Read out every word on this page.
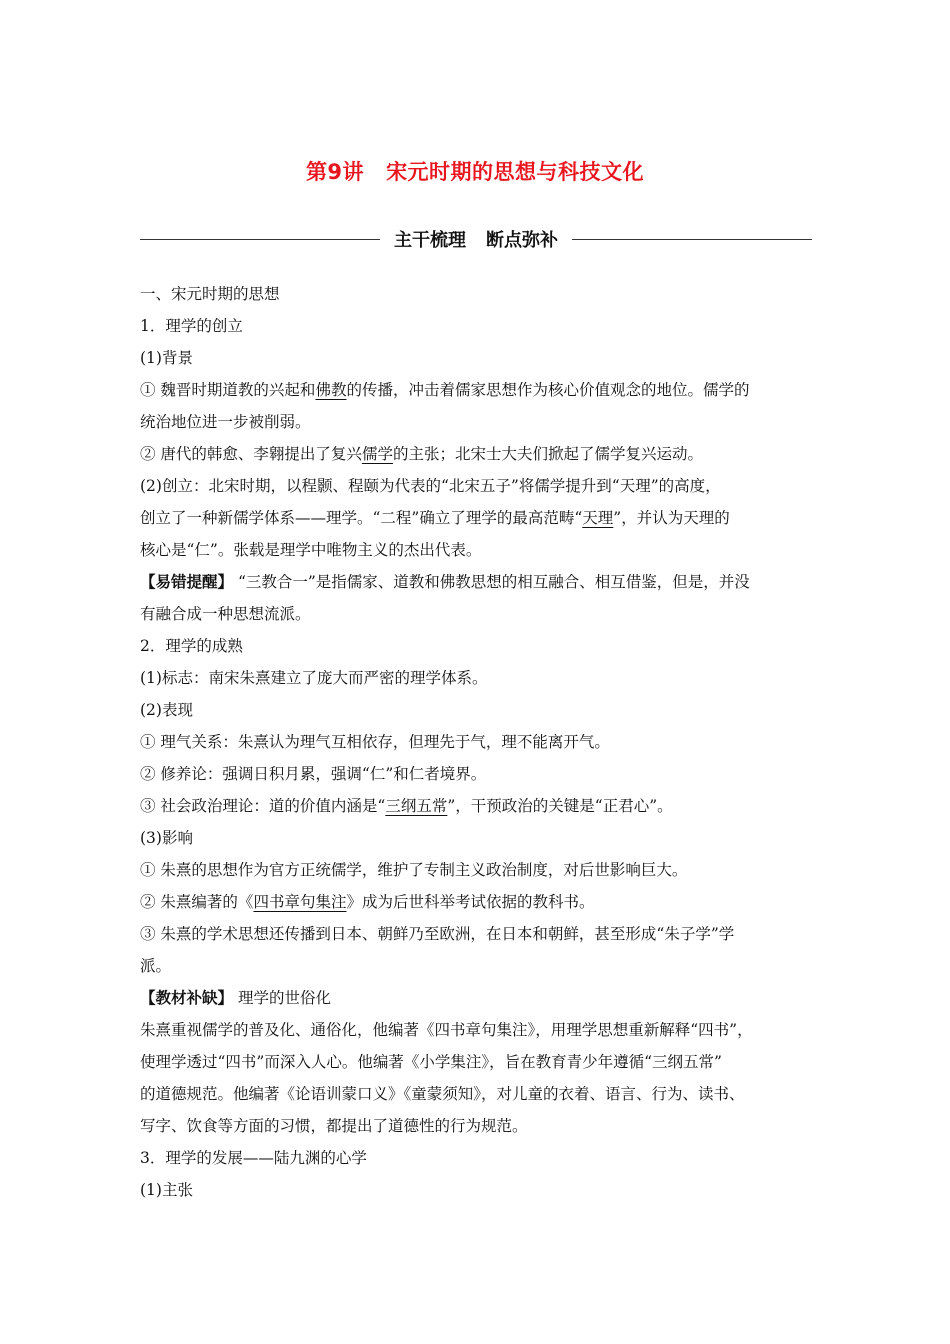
第9讲 宋元时期的思想与科技文化
主干梳理 断点弥补
一、宋元时期的思想
1．理学的创立
(1)背景
① 魏晋时期道教的兴起和佛教的传播，冲击着儒家思想作为核心价值观念的地位。儒学的
统治地位进一步被削弱。
② 唐代的韩愈、李翱提出了复兴儒学的主张；北宋士大夫们掀起了儒学复兴运动。
(2)创立：北宋时期，以程颢、程颐为代表的“北宋五子”将儒学提升到“天理”的高度，
创立了一种新儒学体系——理学。“二程”确立了理学的最高范畴“天理”，并认为天理的
核心是“仁”。张载是理学中唯物主义的杰出代表。
【易错提醒】 “三教合一”是指儒家、道教和佛教思想的相互融合、相互借鉴，但是，并没
有融合成一种思想流派。
2．理学的成熟
(1)标志：南宋朱熹建立了庞大而严密的理学体系。
(2)表现
① 理气关系：朱熹认为理气互相依存，但理先于气，理不能离开气。
② 修养论：强调日积月累，强调“仁”和仁者境界。
③ 社会政治理论：道的价值内涵是“三纲五常”，干预政治的关键是“正君心”。
(3)影响
① 朱熹的思想作为官方正统儒学，维护了专制主义政治制度，对后世影响巨大。
② 朱熹编著的《四书章句集注》成为后世科举考试依据的教科书。
③ 朱熹的学术思想还传播到日本、朝鲜乃至欧洲，在日本和朝鲜，甚至形成“朱子学”学
派。
【教材补缺】 理学的世俗化
朱熹重视儒学的普及化、通俗化，他编著《四书章句集注》，用理学思想重新解释“四书”，
使理学透过“四书”而深入人心。他编著《小学集注》，旨在教育青少年遵循“三纲五常”
的道德规范。他编著《论语训蒙口义》《童蒙须知》，对儿童的衣着、语言、行为、读书、
写字、饮食等方面的习惯，都提出了道德性的行为规范。
3．理学的发展——陆九渊的心学
(1)主张
